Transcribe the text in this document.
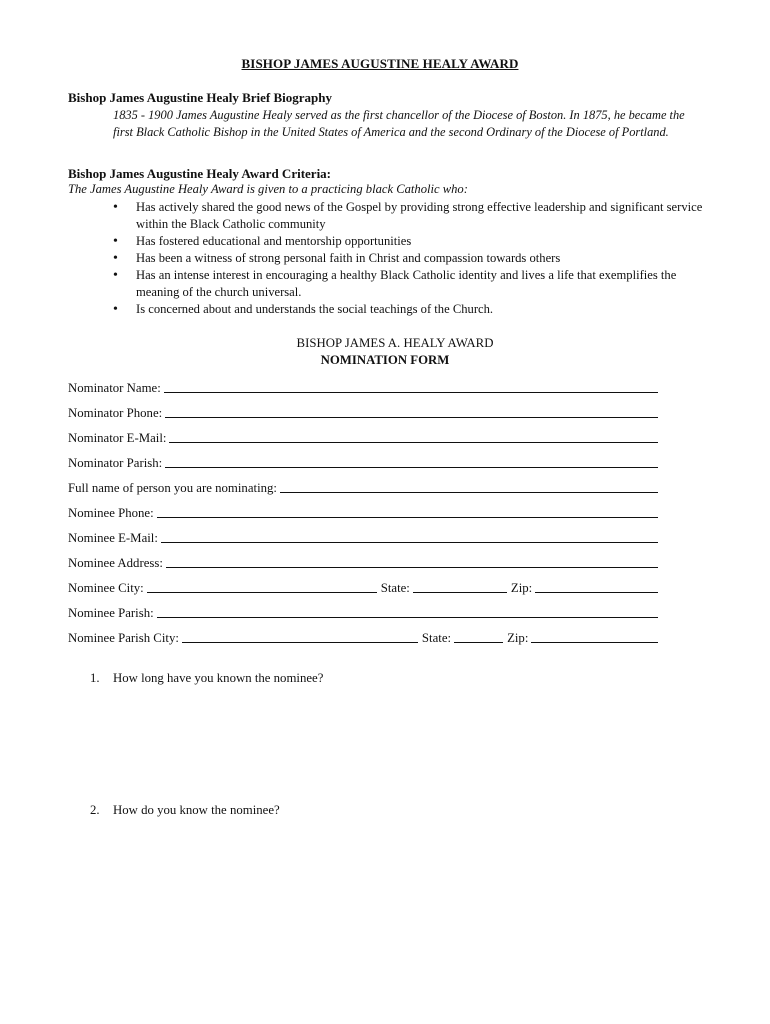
BISHOP JAMES AUGUSTINE HEALY AWARD
Bishop James Augustine Healy Brief Biography
1835 - 1900 James Augustine Healy served as the first chancellor of the Diocese of Boston. In 1875, he became the first Black Catholic Bishop in the United States of America and the second Ordinary of the Diocese of Portland.
Bishop James Augustine Healy Award Criteria:
The James Augustine Healy Award is given to a practicing black Catholic who:
• Has actively shared the good news of the Gospel by providing strong effective leadership and significant service within the Black Catholic community
• Has fostered educational and mentorship opportunities
• Has been a witness of strong personal faith in Christ and compassion towards others
• Has an intense interest in encouraging a healthy Black Catholic identity and lives a life that exemplifies the meaning of the church universal.
• Is concerned about and understands the social teachings of the Church.
BISHOP JAMES A. HEALY AWARD
NOMINATION FORM
Nominator Name:
Nominator Phone:
Nominator E-Mail:
Nominator Parish:
Full name of person you are nominating:
Nominee Phone:
Nominee E-Mail:
Nominee Address:
Nominee City:	State:	Zip:
Nominee Parish:
Nominee Parish City:	State:	Zip:
1.	How long have you known the nominee?
2.	How do you know the nominee?
